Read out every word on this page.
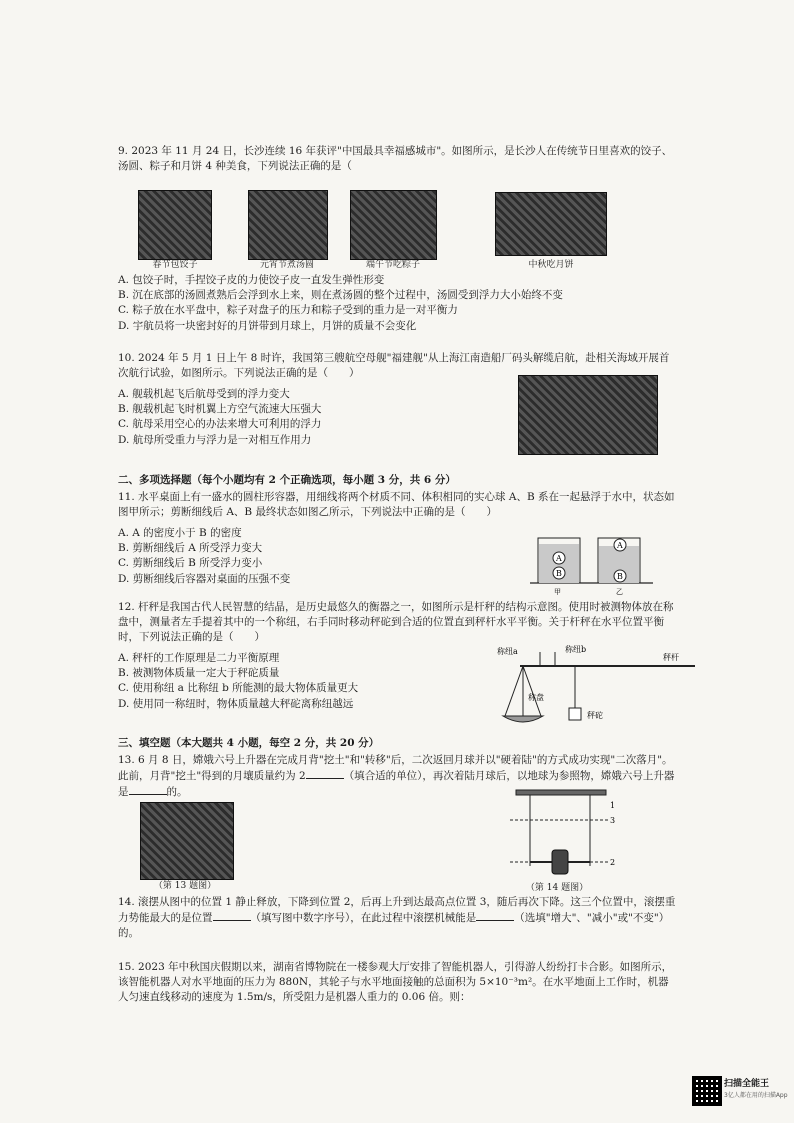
9. 2023 年 11 月 24 日，长沙连续 16 年获评"中国最具幸福感城市"。如图所示，是长沙人在传统节日里喜欢的饺子、汤圆、粽子和月饼 4 种美食，下列说法正确的是（
春节包饺子	元宵节煮汤圆	端午节吃粽子	中秋吃月饼
A. 包饺子时，手捏饺子皮的力使饺子皮一直发生弹性形变
B. 沉在底部的汤圆煮熟后会浮到水上来，则在煮汤圆的整个过程中，汤圆受到浮力大小始终不变
C. 粽子放在水平盘中，粽子对盘子的压力和粽子受到的重力是一对平衡力
D. 宇航员将一块密封好的月饼带到月球上，月饼的质量不会变化
10. 2024 年 5 月 1 日上午 8 时许，我国第三艘航空母舰"福建舰"从上海江南造船厂码头解缆启航，赴相关海域开展首次航行试验，如图所示。下列说法正确的是（　　）
A. 舰载机起飞后航母受到的浮力变大
B. 舰载机起飞时机翼上方空气流速大压强大
C. 航母采用空心的办法来增大可利用的浮力
D. 航母所受重力与浮力是一对相互作用力
二、多项选择题（每个小题均有 2 个正确选项，每小题 3 分，共 6 分）
11. 水平桌面上有一盛水的圆柱形容器，用细线将两个材质不同、体积相同的实心球 A、B 系在一起悬浮于水中，状态如图甲所示；剪断细线后 A、B 最终状态如图乙所示，下列说法中正确的是（　　）
A. A 的密度小于 B 的密度
B. 剪断细线后 A 所受浮力变大
C. 剪断细线后 B 所受浮力变小
D. 剪断细线后容器对桌面的压强不变
A
B
A
B
甲	乙
12. 杆秤是我国古代人民智慧的结晶，是历史最悠久的衡器之一，如图所示是杆秤的结构示意图。使用时被测物体放在称盘中，测量者左手提着其中的一个称纽，右手同时移动秤砣到合适的位置直到秤杆水平平衡。关于杆秤在水平位置平衡时，下列说法正确的是（　　）
A. 秤杆的工作原理是二力平衡原理
B. 被测物体质量一定大于秤砣质量
C. 使用称纽 a 比称纽 b 所能测的最大物体质量更大
D. 使用同一称纽时，物体质量越大秤砣离称纽越远
称纽a	称纽b
秤杆
称盘
秤砣
三、填空题（本大题共 4 小题，每空 2 分，共 20 分）
13. 6 月 8 日，嫦娥六号上升器在完成月背"挖土"和"转移"后，二次返回月球并以"硬着陆"的方式成功实现"二次落月"。此前，月背"挖土"得到的月壤质量约为 2	（填合适的单位），再次着陆月球后，以地球为参照物，嫦娥六号上升器是	的。
（第 13 题图）
3
2
1
（第 14 题图）
14. 滚摆从图中的位置 1 静止释放，下降到位置 2，后再上升到达最高点位置 3，随后再次下降。这三个位置中，滚摆重力势能最大的是位置	（填写图中数字序号），在此过程中滚摆机械能是	（选填"增大"、"减小"或"不变"）的。
15. 2023 年中秋国庆假期以来，湖南省博物院在一楼参观大厅安排了智能机器人，引得游人纷纷打卡合影。如图所示，该智能机器人对水平地面的压力为 880N，其轮子与水平地面接触的总面积为 5×10⁻³m²。在水平地面上工作时，机器人匀速直线移动的速度为 1.5m/s，所受阻力是机器人重力的 0.06 倍。则：
扫描全能王
3亿人都在用的扫描App
